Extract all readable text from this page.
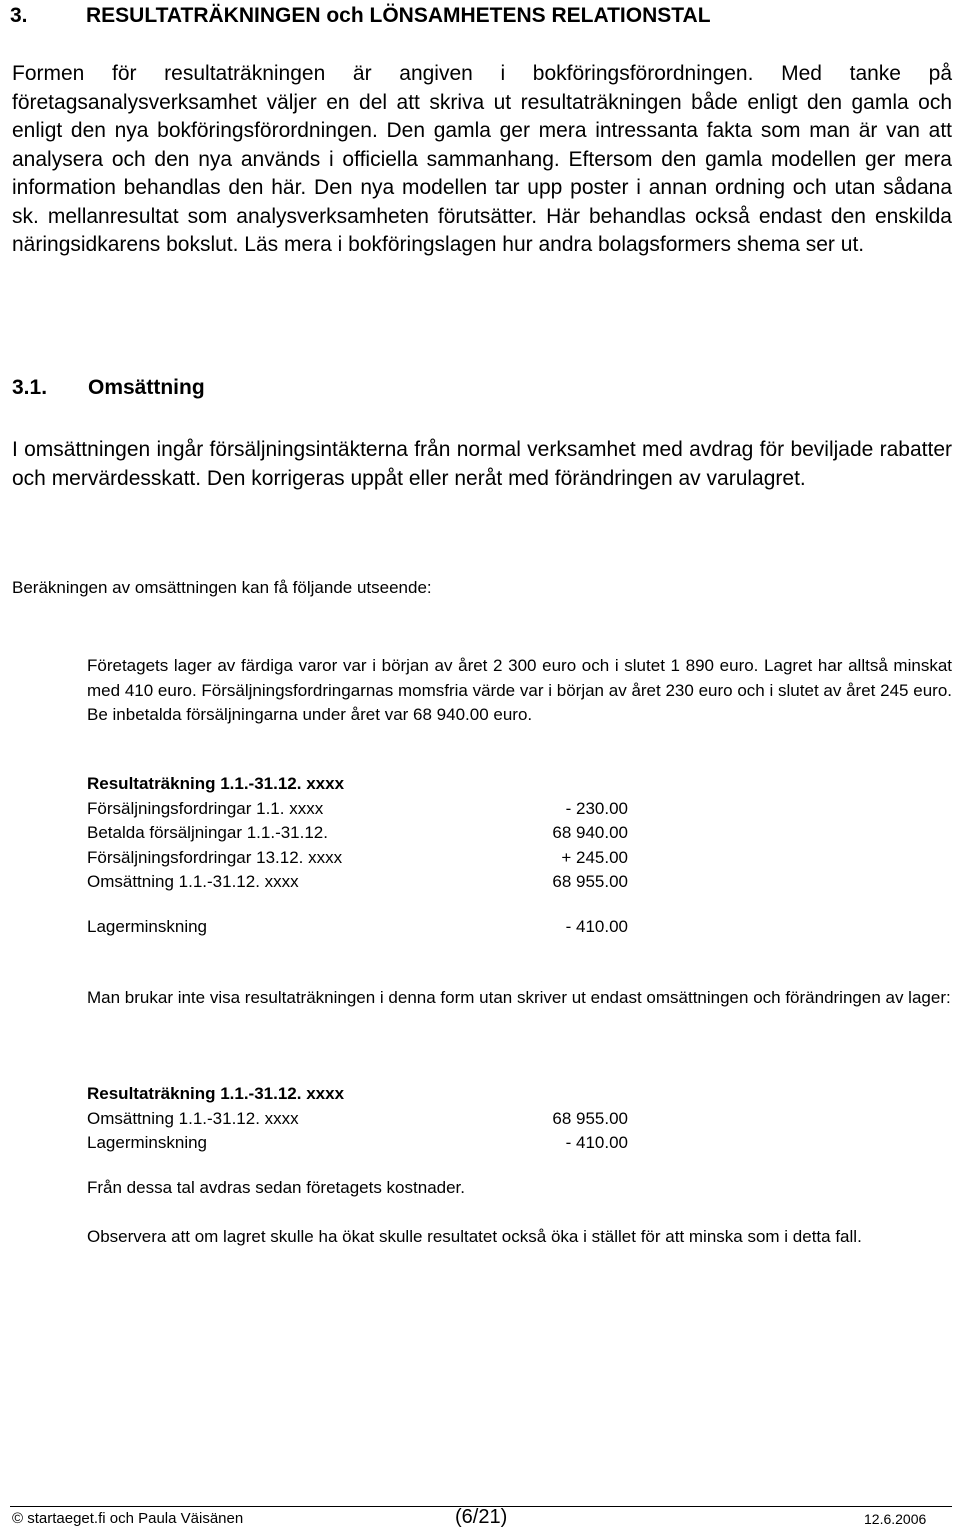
3.	RESULTATRÄKNINGEN och LÖNSAMHETENS RELATIONSTAL

Formen för resultaträkningen är angiven i bokföringsförordningen. Med tanke på företagsanalysverksamhet väljer en del att skriva ut resultaträkningen både enligt den gamla och enligt den nya bokföringsförordningen. Den gamla ger mera intressanta fakta som man är van att analysera och den nya används i officiella sammanhang. Eftersom den gamla modellen ger mera information behandlas den här. Den nya modellen tar upp poster i annan ordning och utan sådana sk. mellanresultat som analysverksamheten förutsätter. Här behandlas också endast den enskilda näringsidkarens bokslut. Läs mera i bokföringslagen hur andra bolagsformers shema ser ut.

3.1. Omsättning

I omsättningen ingår försäljningsintäkterna från normal verksamhet med avdrag för beviljade rabatter och mervärdesskatt. Den korrigeras uppåt eller neråt med förändringen av varulagret.

Beräkningen av omsättningen kan få följande utseende:

Företagets lager av färdiga varor var i början av året 2 300 euro och i slutet 1 890 euro. Lagret har alltså minskat med 410 euro. Försäljningsfordringarnas momsfria värde var i början av året 230 euro och i slutet av året 245 euro. Be inbetalda försäljningarna under året var 68 940.00 euro.

Resultaträkning 1.1.-31.12. xxxx
Försäljningsfordringar 1.1. xxxx	- 230.00
Betalda försäljningar 1.1.-31.12.	68 940.00
Försäljningsfordringar 13.12. xxxx	+ 245.00
Omsättning 1.1.-31.12. xxxx	68 955.00
Lagerminskning	- 410.00

Man brukar inte visa resultaträkningen i denna form utan skriver ut endast omsättningen och förändringen av lager:

Resultaträkning 1.1.-31.12. xxxx
Omsättning 1.1.-31.12. xxxx	68 955.00
Lagerminskning	- 410.00

Från dessa tal avdras sedan företagets kostnader.

Observera att om lagret skulle ha ökat skulle resultatet också öka i stället för att minska som i detta fall.

© startaeget.fi och Paula Väisänen	(6/21)	12.6.2006
